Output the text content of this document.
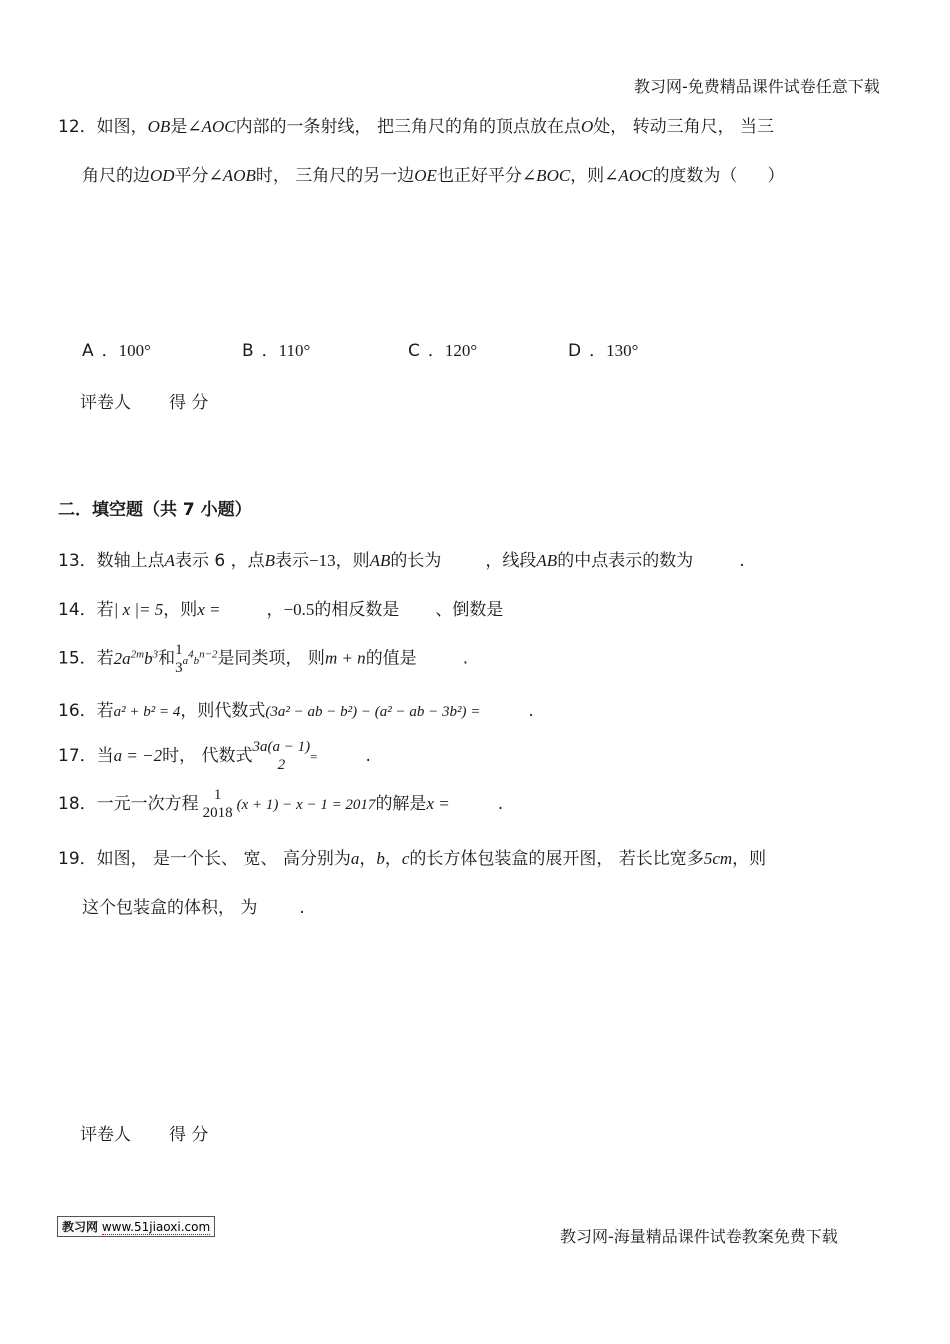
教习网-免费精品课件试卷任意下载
12．如图，OB是∠AOC内部的一条射线， 把三角尺的角的顶点放在点O处， 转动三角尺， 当三
角尺的边OD平分∠AOB时， 三角尺的另一边OE也正好平分∠BOC，则∠AOC的度数为（ ）
A ．100°	B ．110°	C ．120°	D ．130°
评卷人 得 分
二．填空题（共 7 小题）
13．数轴上点A表示 6 ，点B表示−13，则AB的长为	，线段AB的中点表示的数为	.
14．若| x |= 5，则x =	，−0.5的相反数是 、倒数是
15．若$2a^{2m}b^3$和 1
3 $a^4b^{n-2}$是同类项， 则m + n的值是	.
16．若a² + b² = 4，则代数式(3a² − ab − b²) − (a² − ab − 3b²) =	.
17．当a = −2时， 代数式 3a(a − 1)
2
=	.
18．一元一次方程	1
2018 (x + 1) − x − 1 = 2017的解是x =	.
19．如图， 是一个长、 宽、 高分别为a，b，c的长方体包装盒的展开图， 若长比宽多5cm，则
这个包装盒的体积， 为 .
评卷人 得 分
教习网 www.51jiaoxi.com	教习网-海量精品课件试卷教案免费下载
